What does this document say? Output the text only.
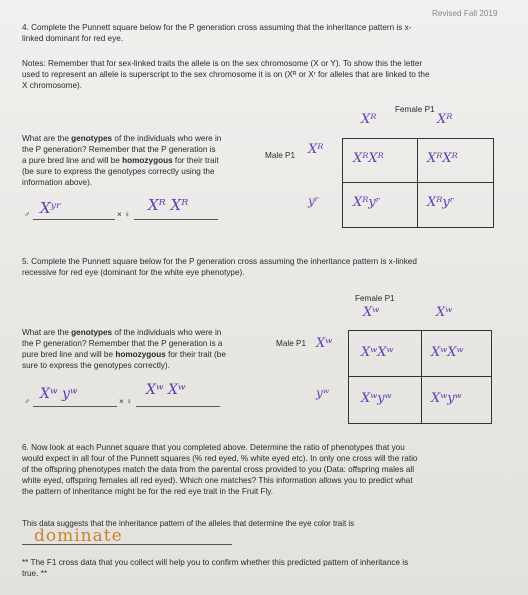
Revised Fall 2019
4. Complete the Punnett square below for the P generation cross assuming that the inheritance pattern is x-
linked dominant for red eye.
Notes: Remember that for sex-linked traits the allele is on the sex chromosome (X or Y). To show this the letter
used to represent an allele is superscript to the sex chromosome it is on (Xᴿ or Xʳ for alleles that are linked to the
X chromosome).
Female P1
Xᴿ	Xᴿ
What are the genotypes of the individuals who were in
the P generation? Remember that the P generation is
a pure bred line and will be homozygous for their trait
(be sure to express the genotypes correctly using the
information above).
Male P1 Xᴿ
yʳ
XᴿXᴿ	XᴿXᴿ
Xᴿyʳ	Xᴿyʳ
♂ Xʸʳ	× ♀
Xᴿ Xᴿ
5. Complete the Punnett square below for the P generation cross assuming the inheritance pattern is x-linked
recessive for red eye (dominant for the white eye phenotype).
Female P1
Xʷ	Xʷ
What are the genotypes of the individuals who were in
the P generation? Remember that the P generation is a
pure bred line and will be homozygous for their trait (be
sure to express the genotypes correctly).
Male P1 Xʷ
yʷ
XʷXʷ	XʷXʷ
Xʷyʷ	Xʷyʷ
♂ Xʷ yʷ	× ♀
Xʷ Xʷ
6. Now look at each Punnet square that you completed above. Determine the ratio of phenotypes that you
would expect in all four of the Punnett squares (% red eyed, % white eyed etc). In only one cross will the ratio
of the offspring phenotypes match the data from the parental cross provided to you (Data: offspring males all
white eyed, offspring females all red eyed). Which one matches? This information allows you to predict what
the pattern of inheritance might be for the red eye trait in the Fruit Fly.
This data suggests that the inheritance pattern of the alleles that determine the eye color trait is
dominate
** The F1 cross data that you collect will help you to confirm whether this predicted pattern of inheritance is
true. **
